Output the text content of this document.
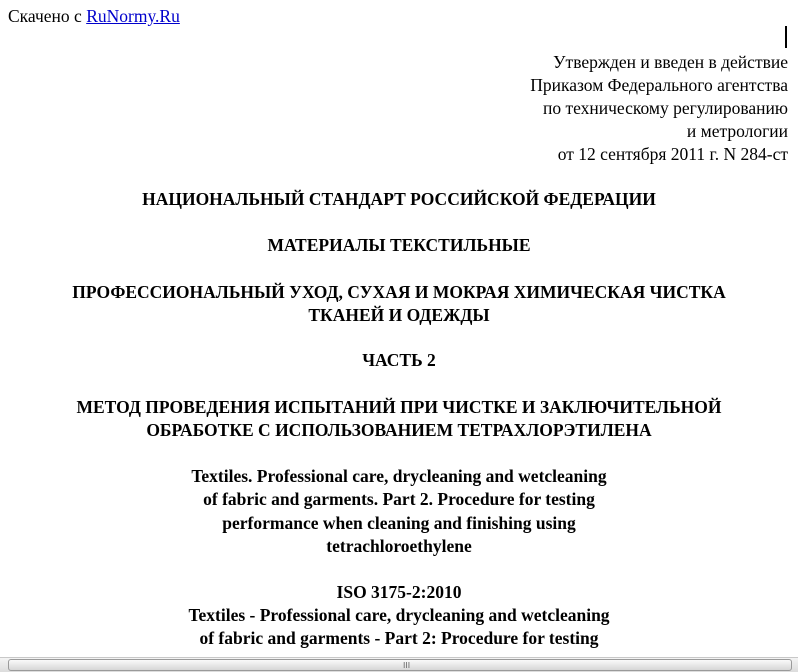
Скачено с RuNormy.Ru
Утвержден и введен в действие
Приказом Федерального агентства
по техническому регулированию
и метрологии
от 12 сентября 2011 г. N 284-ст
НАЦИОНАЛЬНЫЙ СТАНДАРТ РОССИЙСКОЙ ФЕДЕРАЦИИ
МАТЕРИАЛЫ ТЕКСТИЛЬНЫЕ
ПРОФЕССИОНАЛЬНЫЙ УХОД, СУХАЯ И МОКРАЯ ХИМИЧЕСКАЯ ЧИСТКА
ТКАНЕЙ И ОДЕЖДЫ
ЧАСТЬ 2
МЕТОД ПРОВЕДЕНИЯ ИСПЫТАНИЙ ПРИ ЧИСТКЕ И ЗАКЛЮЧИТЕЛЬНОЙ
ОБРАБОТКЕ С ИСПОЛЬЗОВАНИЕМ ТЕТРАХЛОРЭТИЛЕНА
Textiles. Professional care, drycleaning and wetcleaning
of fabric and garments. Part 2. Procedure for testing
performance when cleaning and finishing using
tetrachloroethylene
ISO 3175-2:2010
Textiles - Professional care, drycleaning and wetcleaning
of fabric and garments - Part 2: Procedure for testing
III
